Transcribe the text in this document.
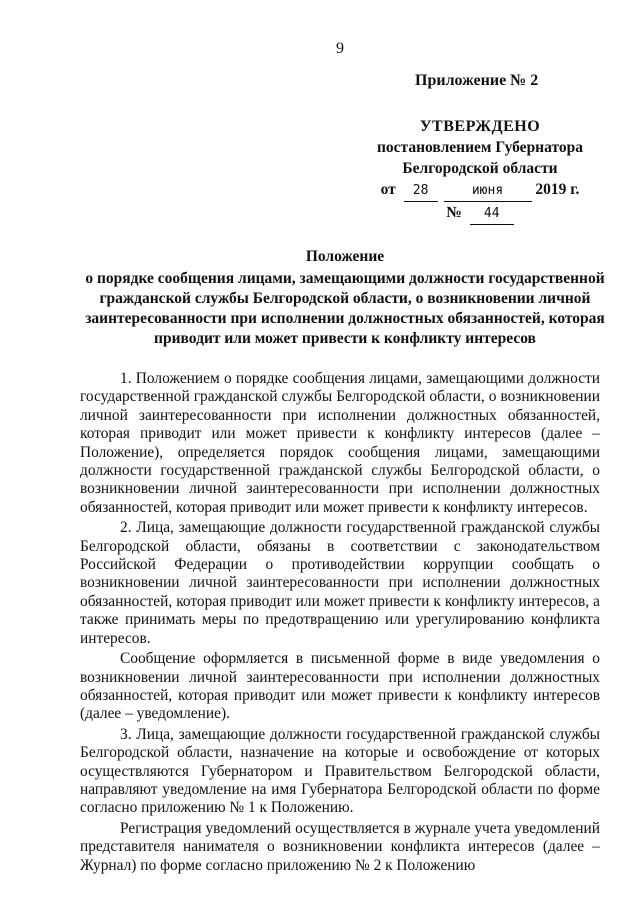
9
Приложение № 2
УТВЕРЖДЕНО
постановлением Губернатора
Белгородской области
от 28	июня 2019 г.
№ 44
Положение
о порядке сообщения лицами, замещающими должности государственной гражданской службы Белгородской области, о возникновении личной заинтересованности при исполнении должностных обязанностей, которая приводит или может привести к конфликту интересов

1. Положением о порядке сообщения лицами, замещающими должности государственной гражданской службы Белгородской области, о возникновении личной заинтересованности при исполнении должностных обязанностей, которая приводит или может привести к конфликту интересов (далее – Положение), определяется порядок сообщения лицами, замещающими должности государственной гражданской службы Белгородской области, о возникновении личной заинтересованности при исполнении должностных обязанностей, которая приводит или может привести к конфликту интересов.

2. Лица, замещающие должности государственной гражданской службы Белгородской области, обязаны в соответствии с законодательством Российской Федерации о противодействии коррупции сообщать о возникновении личной заинтересованности при исполнении должностных обязанностей, которая приводит или может привести к конфликту интересов, а также принимать меры по предотвращению или урегулированию конфликта интересов.

Сообщение оформляется в письменной форме в виде уведомления о возникновении личной заинтересованности при исполнении должностных обязанностей, которая приводит или может привести к конфликту интересов (далее – уведомление).

3. Лица, замещающие должности государственной гражданской службы Белгородской области, назначение на которые и освобождение от которых осуществляются Губернатором и Правительством Белгородской области, направляют уведомление на имя Губернатора Белгородской области по форме согласно приложению № 1 к Положению.

Регистрация уведомлений осуществляется в журнале учета уведомлений представителя нанимателя о возникновении конфликта интересов (далее – Журнал) по форме согласно приложению № 2 к Положению
